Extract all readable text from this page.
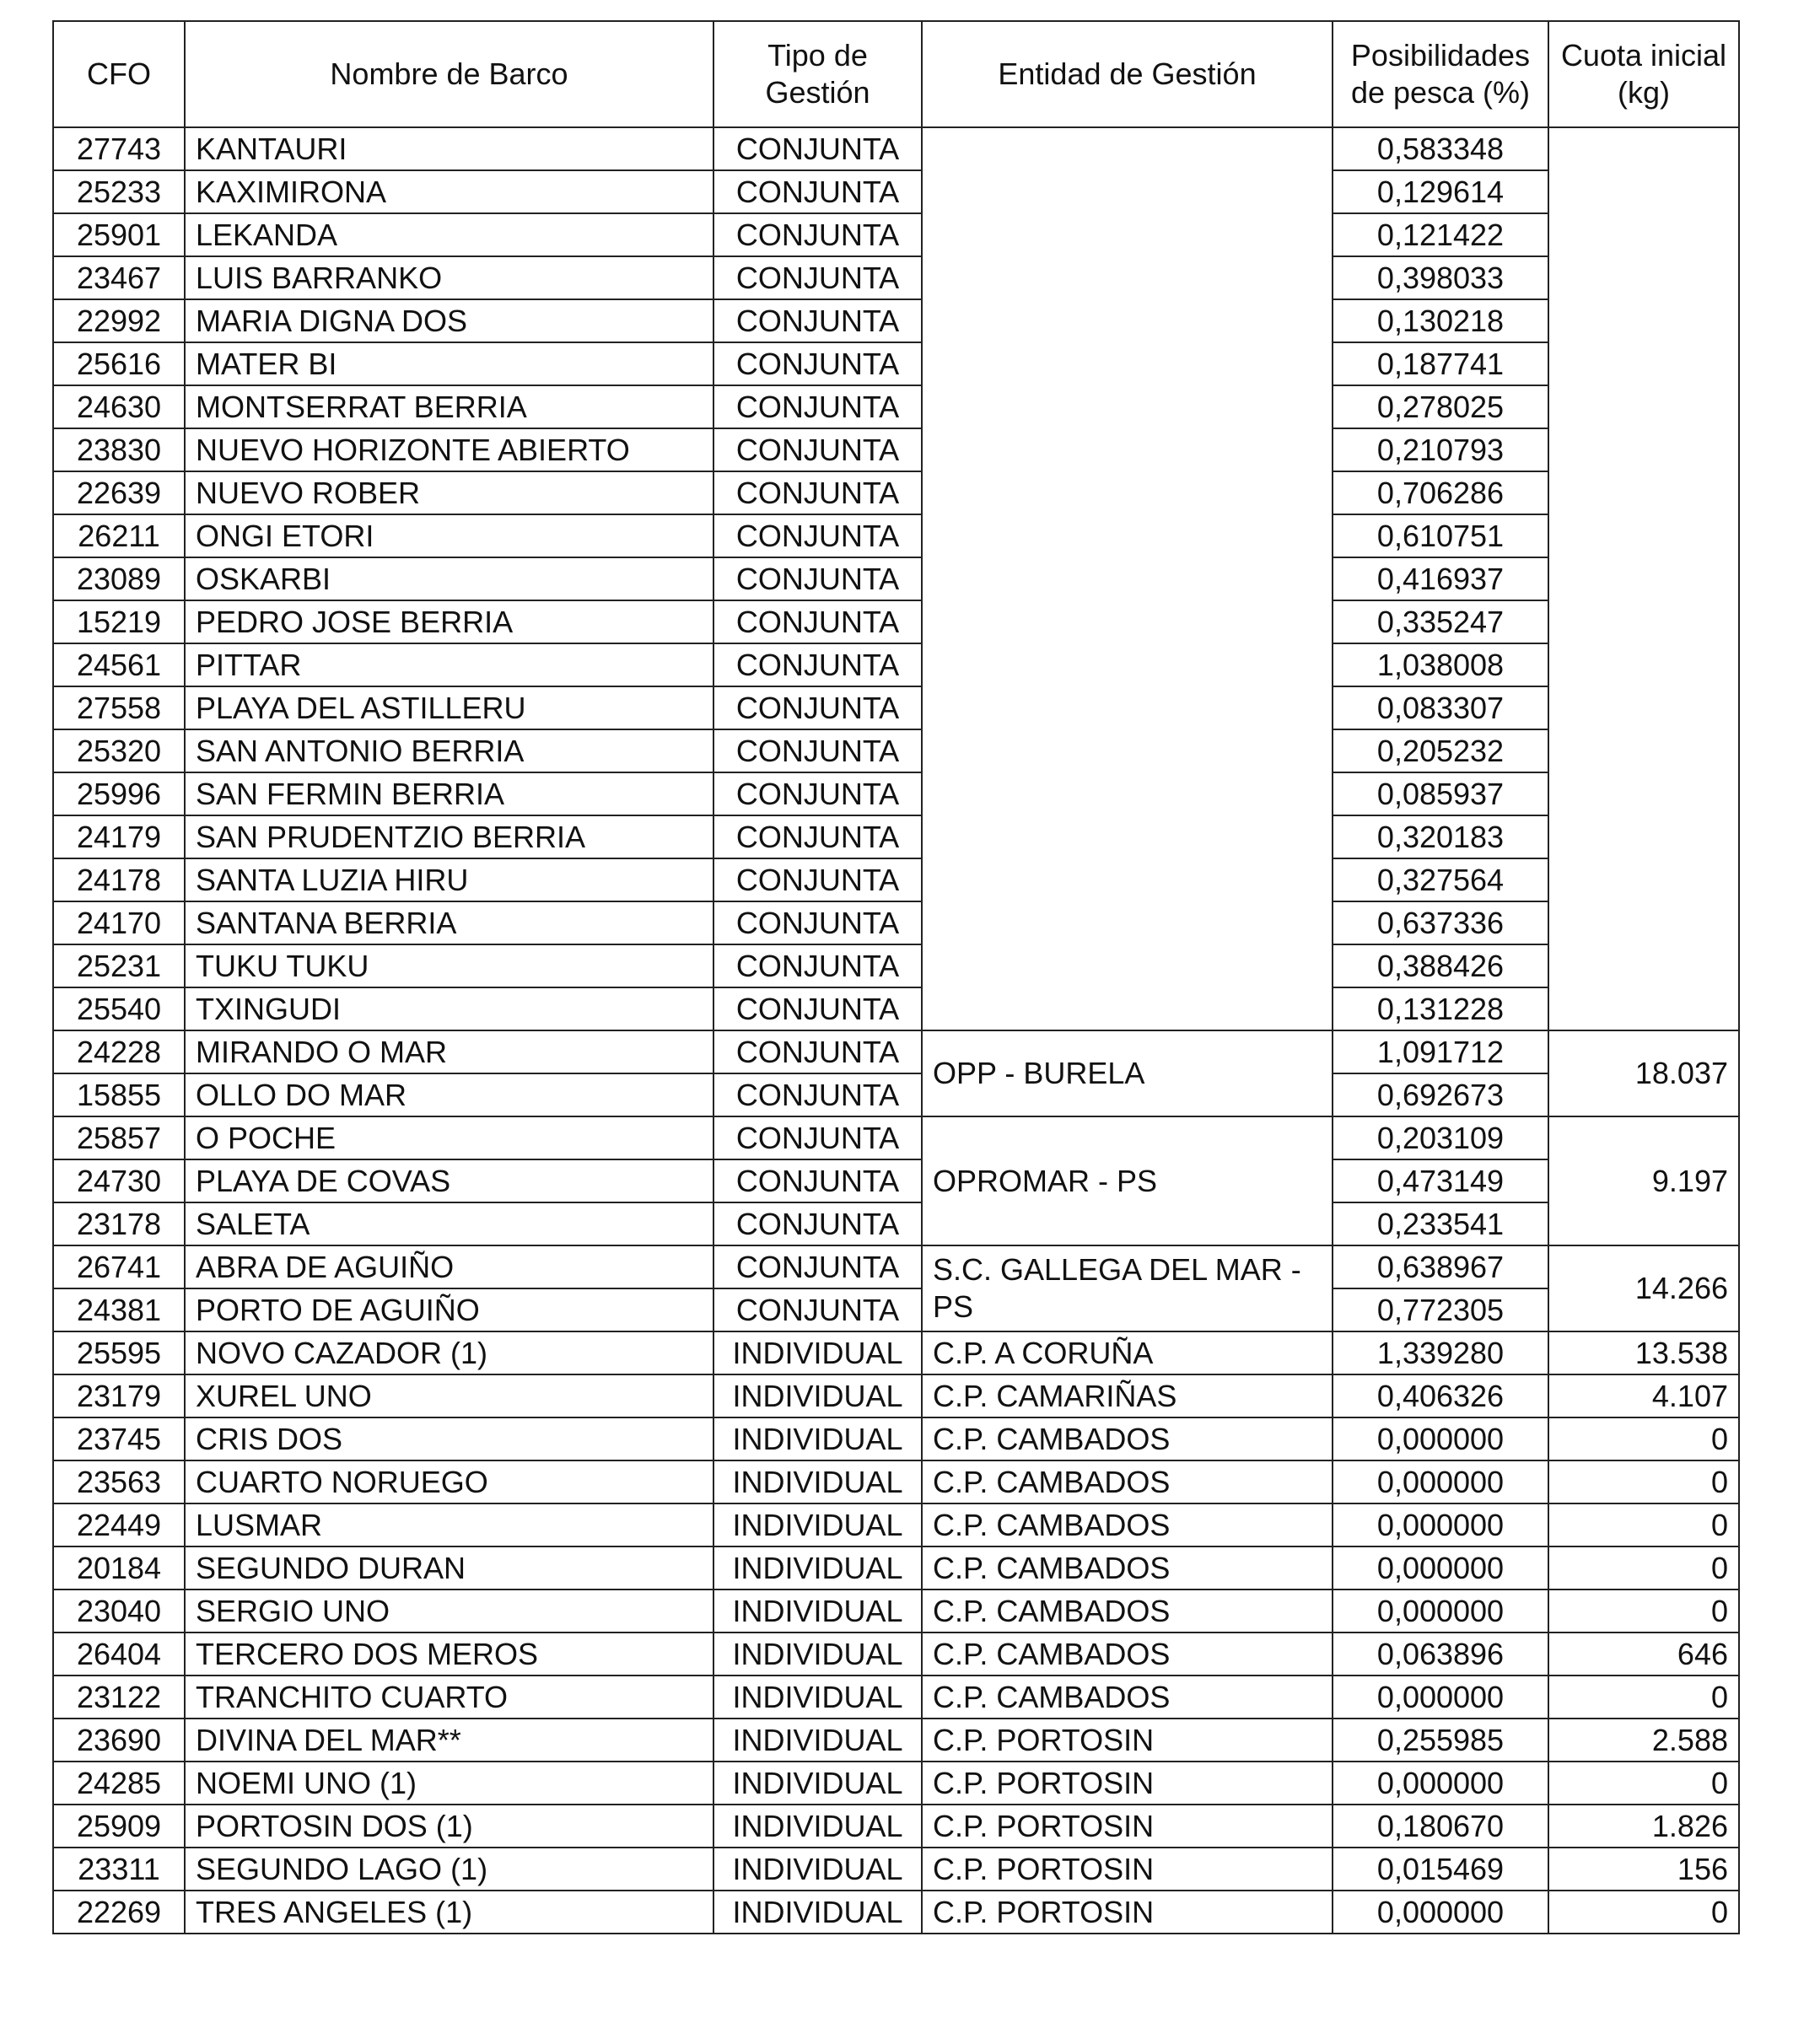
CFO	Nombre de Barco	Tipo de Gestión	Entidad de Gestión	Posibilidades de pesca (%)	Cuota inicial (kg)
27743	KANTAURI	CONJUNTA		0,583348	
25233	KAXIMIRONA	CONJUNTA		0,129614	
25901	LEKANDA	CONJUNTA		0,121422	
23467	LUIS BARRANKO	CONJUNTA		0,398033	
22992	MARIA DIGNA DOS	CONJUNTA		0,130218	
25616	MATER BI	CONJUNTA		0,187741	
24630	MONTSERRAT BERRIA	CONJUNTA		0,278025	
23830	NUEVO HORIZONTE ABIERTO	CONJUNTA		0,210793	
22639	NUEVO ROBER	CONJUNTA		0,706286	
26211	ONGI ETORI	CONJUNTA		0,610751	
23089	OSKARBI	CONJUNTA		0,416937	
15219	PEDRO JOSE BERRIA	CONJUNTA		0,335247	
24561	PITTAR	CONJUNTA		1,038008	
27558	PLAYA DEL ASTILLERU	CONJUNTA		0,083307	
25320	SAN ANTONIO BERRIA	CONJUNTA		0,205232	
25996	SAN FERMIN BERRIA	CONJUNTA		0,085937	
24179	SAN PRUDENTZIO BERRIA	CONJUNTA		0,320183	
24178	SANTA LUZIA HIRU	CONJUNTA		0,327564	
24170	SANTANA BERRIA	CONJUNTA		0,637336	
25231	TUKU TUKU	CONJUNTA		0,388426	
25540	TXINGUDI	CONJUNTA		0,131228	
24228	MIRANDO O MAR	CONJUNTA	OPP - BURELA	1,091712	18.037
15855	OLLO DO MAR	CONJUNTA		0,692673	
25857	O POCHE	CONJUNTA	OPROMAR - PS	0,203109	9.197
24730	PLAYA DE COVAS	CONJUNTA		0,473149	
23178	SALETA	CONJUNTA		0,233541	
26741	ABRA DE AGUIÑO	CONJUNTA	S.C. GALLEGA DEL MAR - PS	0,638967	14.266
24381	PORTO DE AGUIÑO	CONJUNTA		0,772305	
25595	NOVO CAZADOR (1)	INDIVIDUAL	C.P. A CORUÑA	1,339280	13.538
23179	XUREL UNO	INDIVIDUAL	C.P. CAMARIÑAS	0,406326	4.107
23745	CRIS DOS	INDIVIDUAL	C.P. CAMBADOS	0,000000	0
23563	CUARTO NORUEGO	INDIVIDUAL	C.P. CAMBADOS	0,000000	0
22449	LUSMAR	INDIVIDUAL	C.P. CAMBADOS	0,000000	0
20184	SEGUNDO DURAN	INDIVIDUAL	C.P. CAMBADOS	0,000000	0
23040	SERGIO UNO	INDIVIDUAL	C.P. CAMBADOS	0,000000	0
26404	TERCERO DOS MEROS	INDIVIDUAL	C.P. CAMBADOS	0,063896	646
23122	TRANCHITO CUARTO	INDIVIDUAL	C.P. CAMBADOS	0,000000	0
23690	DIVINA DEL MAR**	INDIVIDUAL	C.P. PORTOSIN	0,255985	2.588
24285	NOEMI UNO (1)	INDIVIDUAL	C.P. PORTOSIN	0,000000	0
25909	PORTOSIN DOS (1)	INDIVIDUAL	C.P. PORTOSIN	0,180670	1.826
23311	SEGUNDO LAGO (1)	INDIVIDUAL	C.P. PORTOSIN	0,015469	156
22269	TRES ANGELES (1)	INDIVIDUAL	C.P. PORTOSIN	0,000000	0
